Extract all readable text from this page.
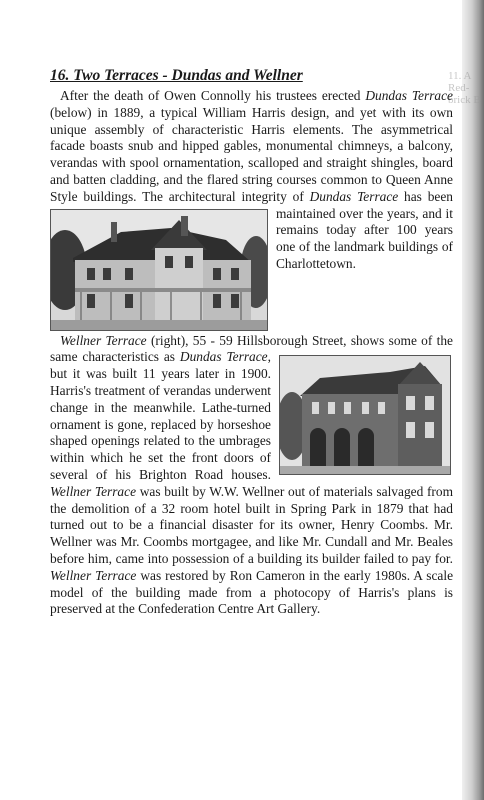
11. A Red-brick B
16. Two Terraces - Dundas and Wellner

After the death of Owen Connolly his trustees erected Dundas Terrace (below) in 1889, a typical William Harris design, and yet with its own unique assembly of characteristic Harris elements. The asymmetrical facade boasts snub and hipped gables, monumental chimneys, a balcony, verandas with spool ornamentation, scalloped and straight shingles, board and batten cladding, and the flared string courses common to Queen Anne Style buildings. The architectural integrity of
Dundas Terrace has been maintained over the years, and it remains today after 100 years one of the landmark buildings of Charlottetown.

Wellner Terrace (right), 55 - 59 Hillsborough Street, shows some of the same characteristics as
Dundas Terrace, but it was built 11 years later in 1900. Harris's treatment of verandas underwent change in the meanwhile. Lathe-turned ornament is gone, replaced by horseshoe shaped openings related to the umbrages within which he set the front doors of several of his Brighton Road houses. Wellner Terrace was built by W.W. Wellner out of materials salvaged from the demolition of a 32 room hotel built in Spring Park in 1879 that had turned out to be a financial disaster for its owner, Henry Coombs. Mr. Wellner was Mr. Coombs mortgagee, and like Mr. Cundall and Mr. Beales before him, came into possession of a building its builder failed to pay for. Wellner Terrace was restored by Ron Cameron in the early 1980s. A scale model of the building made from a photocopy of Harris's plans is preserved at the Confederation Centre Art Gallery.
